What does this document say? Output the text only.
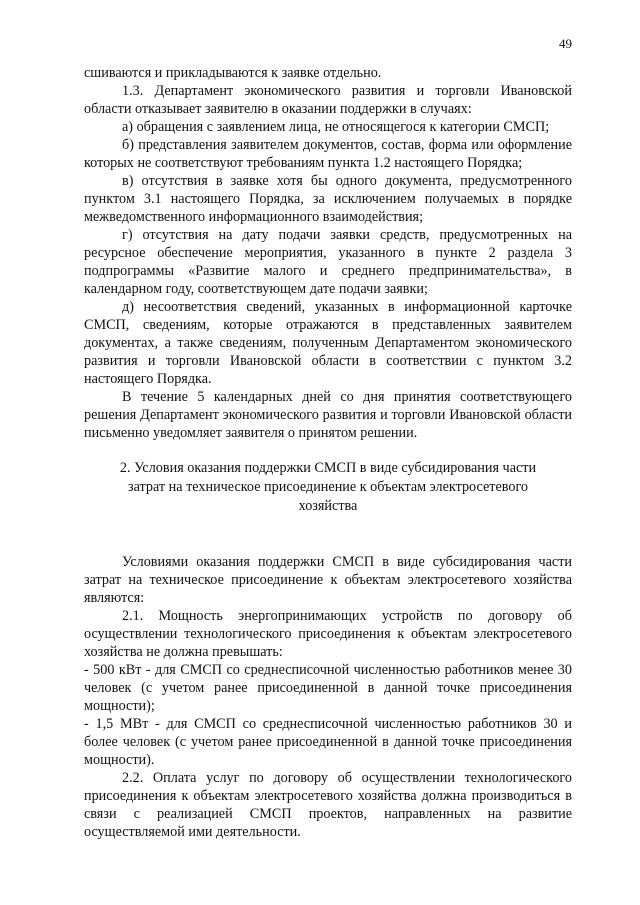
49

сшиваются и прикладываются к заявке отдельно.

1.3. Департамент экономического развития и торговли Ивановской области отказывает заявителю в оказании поддержки в случаях:

а) обращения с заявлением лица, не относящегося к категории СМСП;

б) представления заявителем документов, состав, форма или оформление которых не соответствуют требованиям пункта 1.2 настоящего Порядка;

в) отсутствия в заявке хотя бы одного документа, предусмотренного пунктом 3.1 настоящего Порядка, за исключением получаемых в порядке межведомственного информационного взаимодействия;

г) отсутствия на дату подачи заявки средств, предусмотренных на ресурсное обеспечение мероприятия, указанного в пункте 2 раздела 3 подпрограммы «Развитие малого и среднего предпринимательства», в календарном году, соответствующем дате подачи заявки;

д) несоответствия сведений, указанных в информационной карточке СМСП, сведениям, которые отражаются в представленных заявителем документах, а также сведениям, полученным Департаментом экономического развития и торговли Ивановской области в соответствии с пунктом 3.2 настоящего Порядка.

В течение 5 календарных дней со дня принятия соответствующего решения Департамент экономического развития и торговли Ивановской области письменно уведомляет заявителя о принятом решении.

2. Условия оказания поддержки СМСП в виде субсидирования части затрат на техническое присоединение к объектам электросетевого хозяйства

Условиями оказания поддержки СМСП в виде субсидирования части затрат на техническое присоединение к объектам электросетевого хозяйства являются:

2.1. Мощность энергопринимающих устройств по договору об осуществлении технологического присоединения к объектам электросетевого хозяйства не должна превышать:

- 500 кВт - для СМСП со среднесписочной численностью работников менее 30 человек (с учетом ранее присоединенной в данной точке присоединения мощности);

- 1,5 МВт - для СМСП со среднесписочной численностью работников 30 и более человек (с учетом ранее присоединенной в данной точке присоединения мощности).

2.2. Оплата услуг по договору об осуществлении технологического присоединения к объектам электросетевого хозяйства должна производиться в связи с реализацией СМСП проектов, направленных на развитие осуществляемой ими деятельности.
